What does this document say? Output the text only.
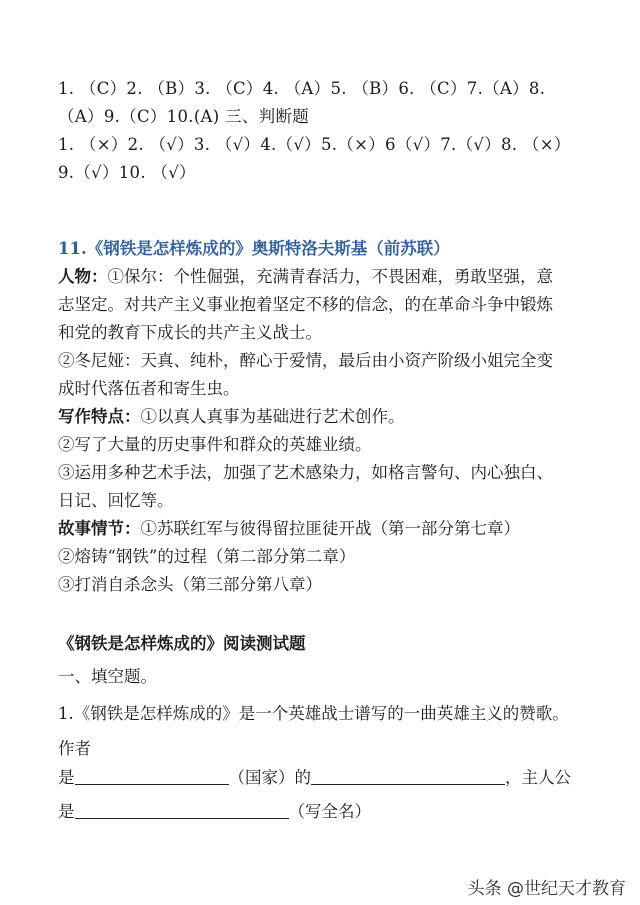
1. （C）2. （B）3. （C）4. （A）5. （B）6. （C）7.（A）8.
（A）9.（C）10.(A) 三、判断题
1. （×）2. （√）3. （√）4.（√）5.（×）6（√）7.（√）8. （×）
9.（√）10. （√）
11.《钢铁是怎样炼成的》奥斯特洛夫斯基（前苏联）
人物：①保尔：个性倔强，充满青春活力，不畏困难，勇敢坚强，意
志坚定。对共产主义事业抱着坚定不移的信念，的在革命斗争中锻炼
和党的教育下成长的共产主义战士。
②冬尼娅：天真、纯朴，醉心于爱情，最后由小资产阶级小姐完全变
成时代落伍者和寄生虫。
写作特点：①以真人真事为基础进行艺术创作。
②写了大量的历史事件和群众的英雄业绩。
③运用多种艺术手法，加强了艺术感染力，如格言警句、内心独白、
日记、回忆等。
故事情节：①苏联红军与彼得留拉匪徒开战（第一部分第七章）
②熔铸“钢铁”的过程（第二部分第二章）
③打消自杀念头（第三部分第八章）
《钢铁是怎样炼成的》阅读测试题
一、填空题。
1.《钢铁是怎样炼成的》是一个英雄战士谱写的一曲英雄主义的赞歌。
作者
是	（国家）的	，主人公
是	（写全名）
头条 @世纪天才教育
